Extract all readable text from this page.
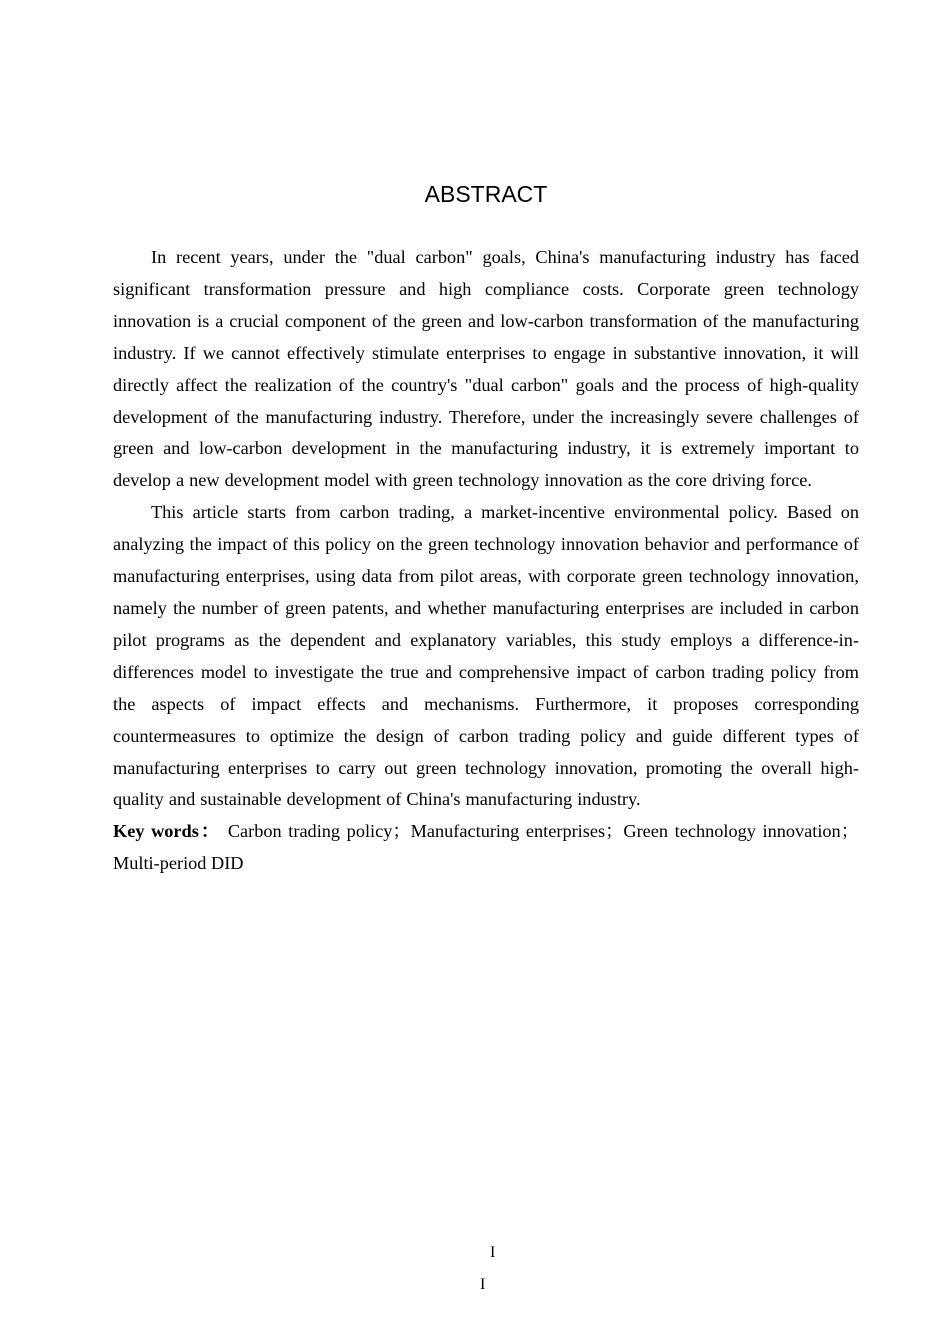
ABSTRACT

In recent years, under the "dual carbon" goals, China's manufacturing industry has faced significant transformation pressure and high compliance costs. Corporate green technology innovation is a crucial component of the green and low-carbon transformation of the manufacturing industry. If we cannot effectively stimulate enterprises to engage in substantive innovation, it will directly affect the realization of the country's "dual carbon" goals and the process of high-quality development of the manufacturing industry. Therefore, under the increasingly severe challenges of green and low-carbon development in the manufacturing industry, it is extremely important to develop a new development model with green technology innovation as the core driving force.

This article starts from carbon trading, a market-incentive environmental policy. Based on analyzing the impact of this policy on the green technology innovation behavior and performance of manufacturing enterprises, using data from pilot areas, with corporate green technology innovation, namely the number of green patents, and whether manufacturing enterprises are included in carbon pilot programs as the dependent and explanatory variables, this study employs a difference-in-differences model to investigate the true and comprehensive impact of carbon trading policy from the aspects of impact effects and mechanisms. Furthermore, it proposes corresponding countermeasures to optimize the design of carbon trading policy and guide different types of manufacturing enterprises to carry out green technology innovation, promoting the overall high-quality and sustainable development of China's manufacturing industry.

Key words： Carbon trading policy；Manufacturing enterprises；Green technology innovation；Multi-period DID

I
I
